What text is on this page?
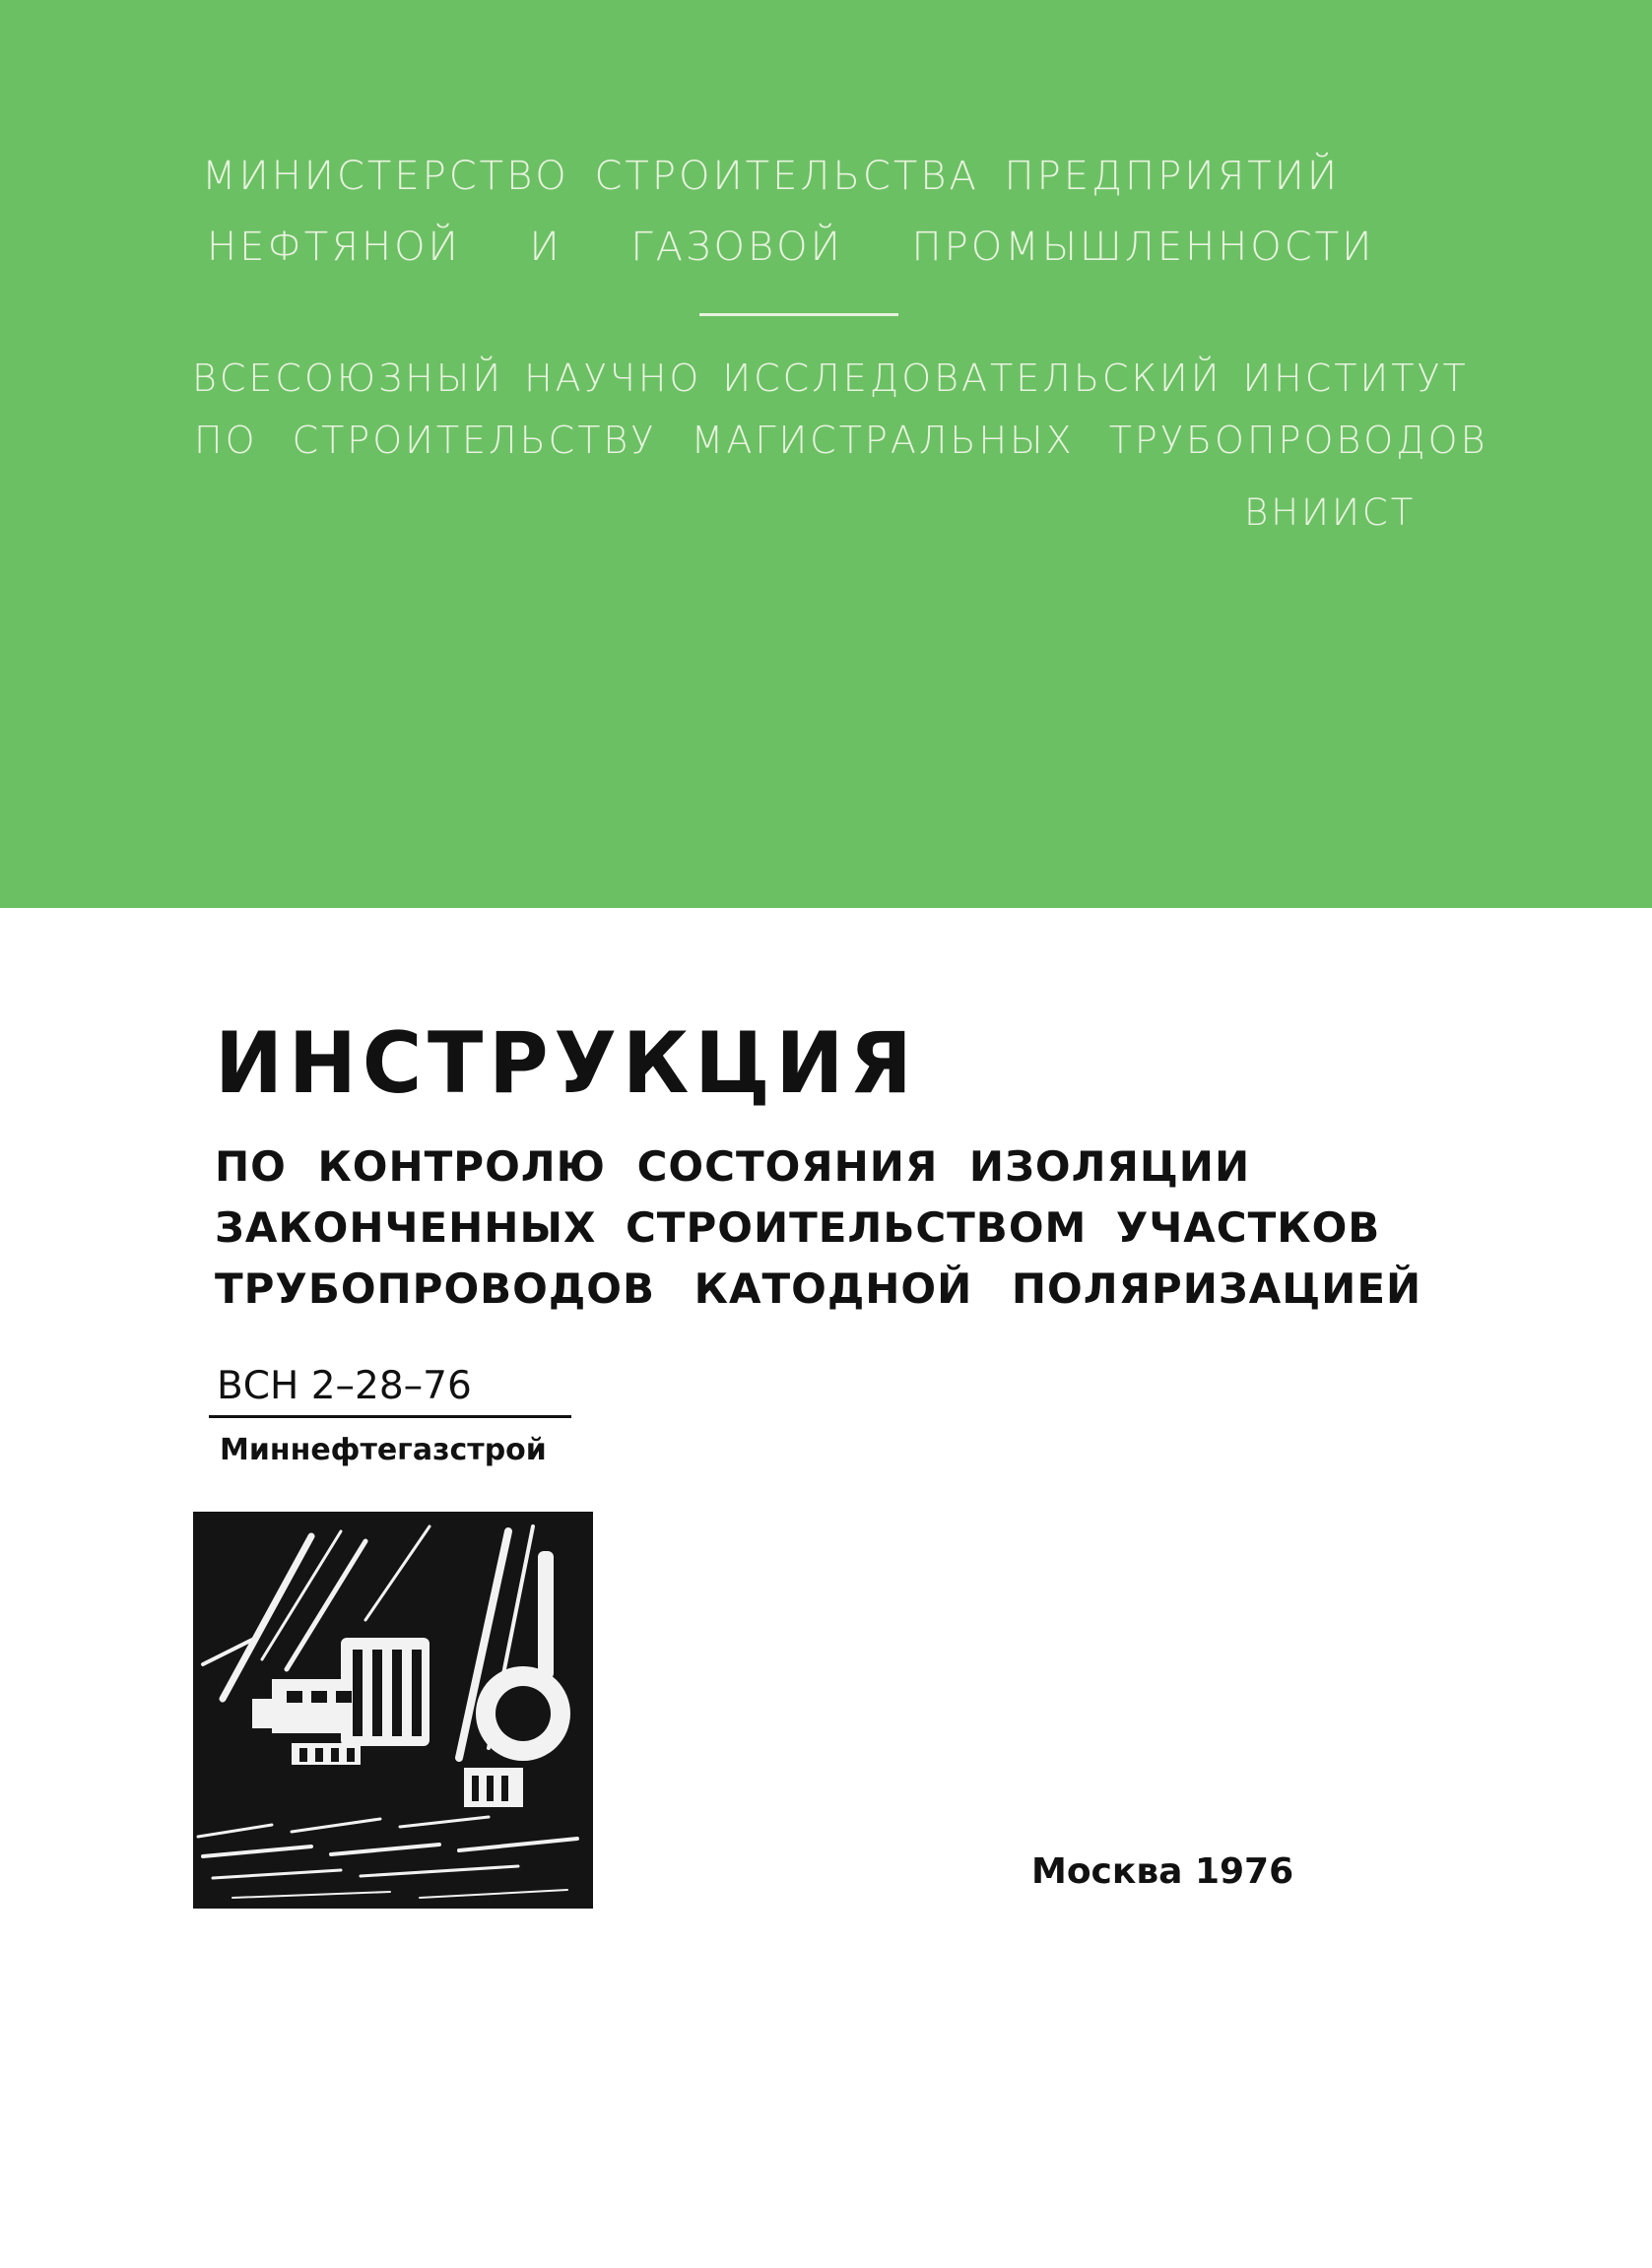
МИНИСТЕРСТВО СТРОИТЕЛЬСТВА ПРЕДПРИЯТИЙ
НЕФТЯНОЙ И ГАЗОВОЙ ПРОМЫШЛЕННОСТИ
ВСЕСОЮЗНЫЙ НАУЧНО ИССЛЕДОВАТЕЛЬСКИЙ ИНСТИТУТ
ПО СТРОИТЕЛЬСТВУ МАГИСТРАЛЬНЫХ ТРУБОПРОВОДОВ
ВНИИСТ
ИНСТРУКЦИЯ
ПО КОНТРОЛЮ СОСТОЯНИЯ ИЗОЛЯЦИИ
ЗАКОНЧЕННЫХ СТРОИТЕЛЬСТВОМ УЧАСТКОВ
ТРУБОПРОВОДОВ КАТОДНОЙ ПОЛЯРИЗАЦИЕЙ
ВСН 2–28–76
Миннефтегазстрой
Москва 1976
